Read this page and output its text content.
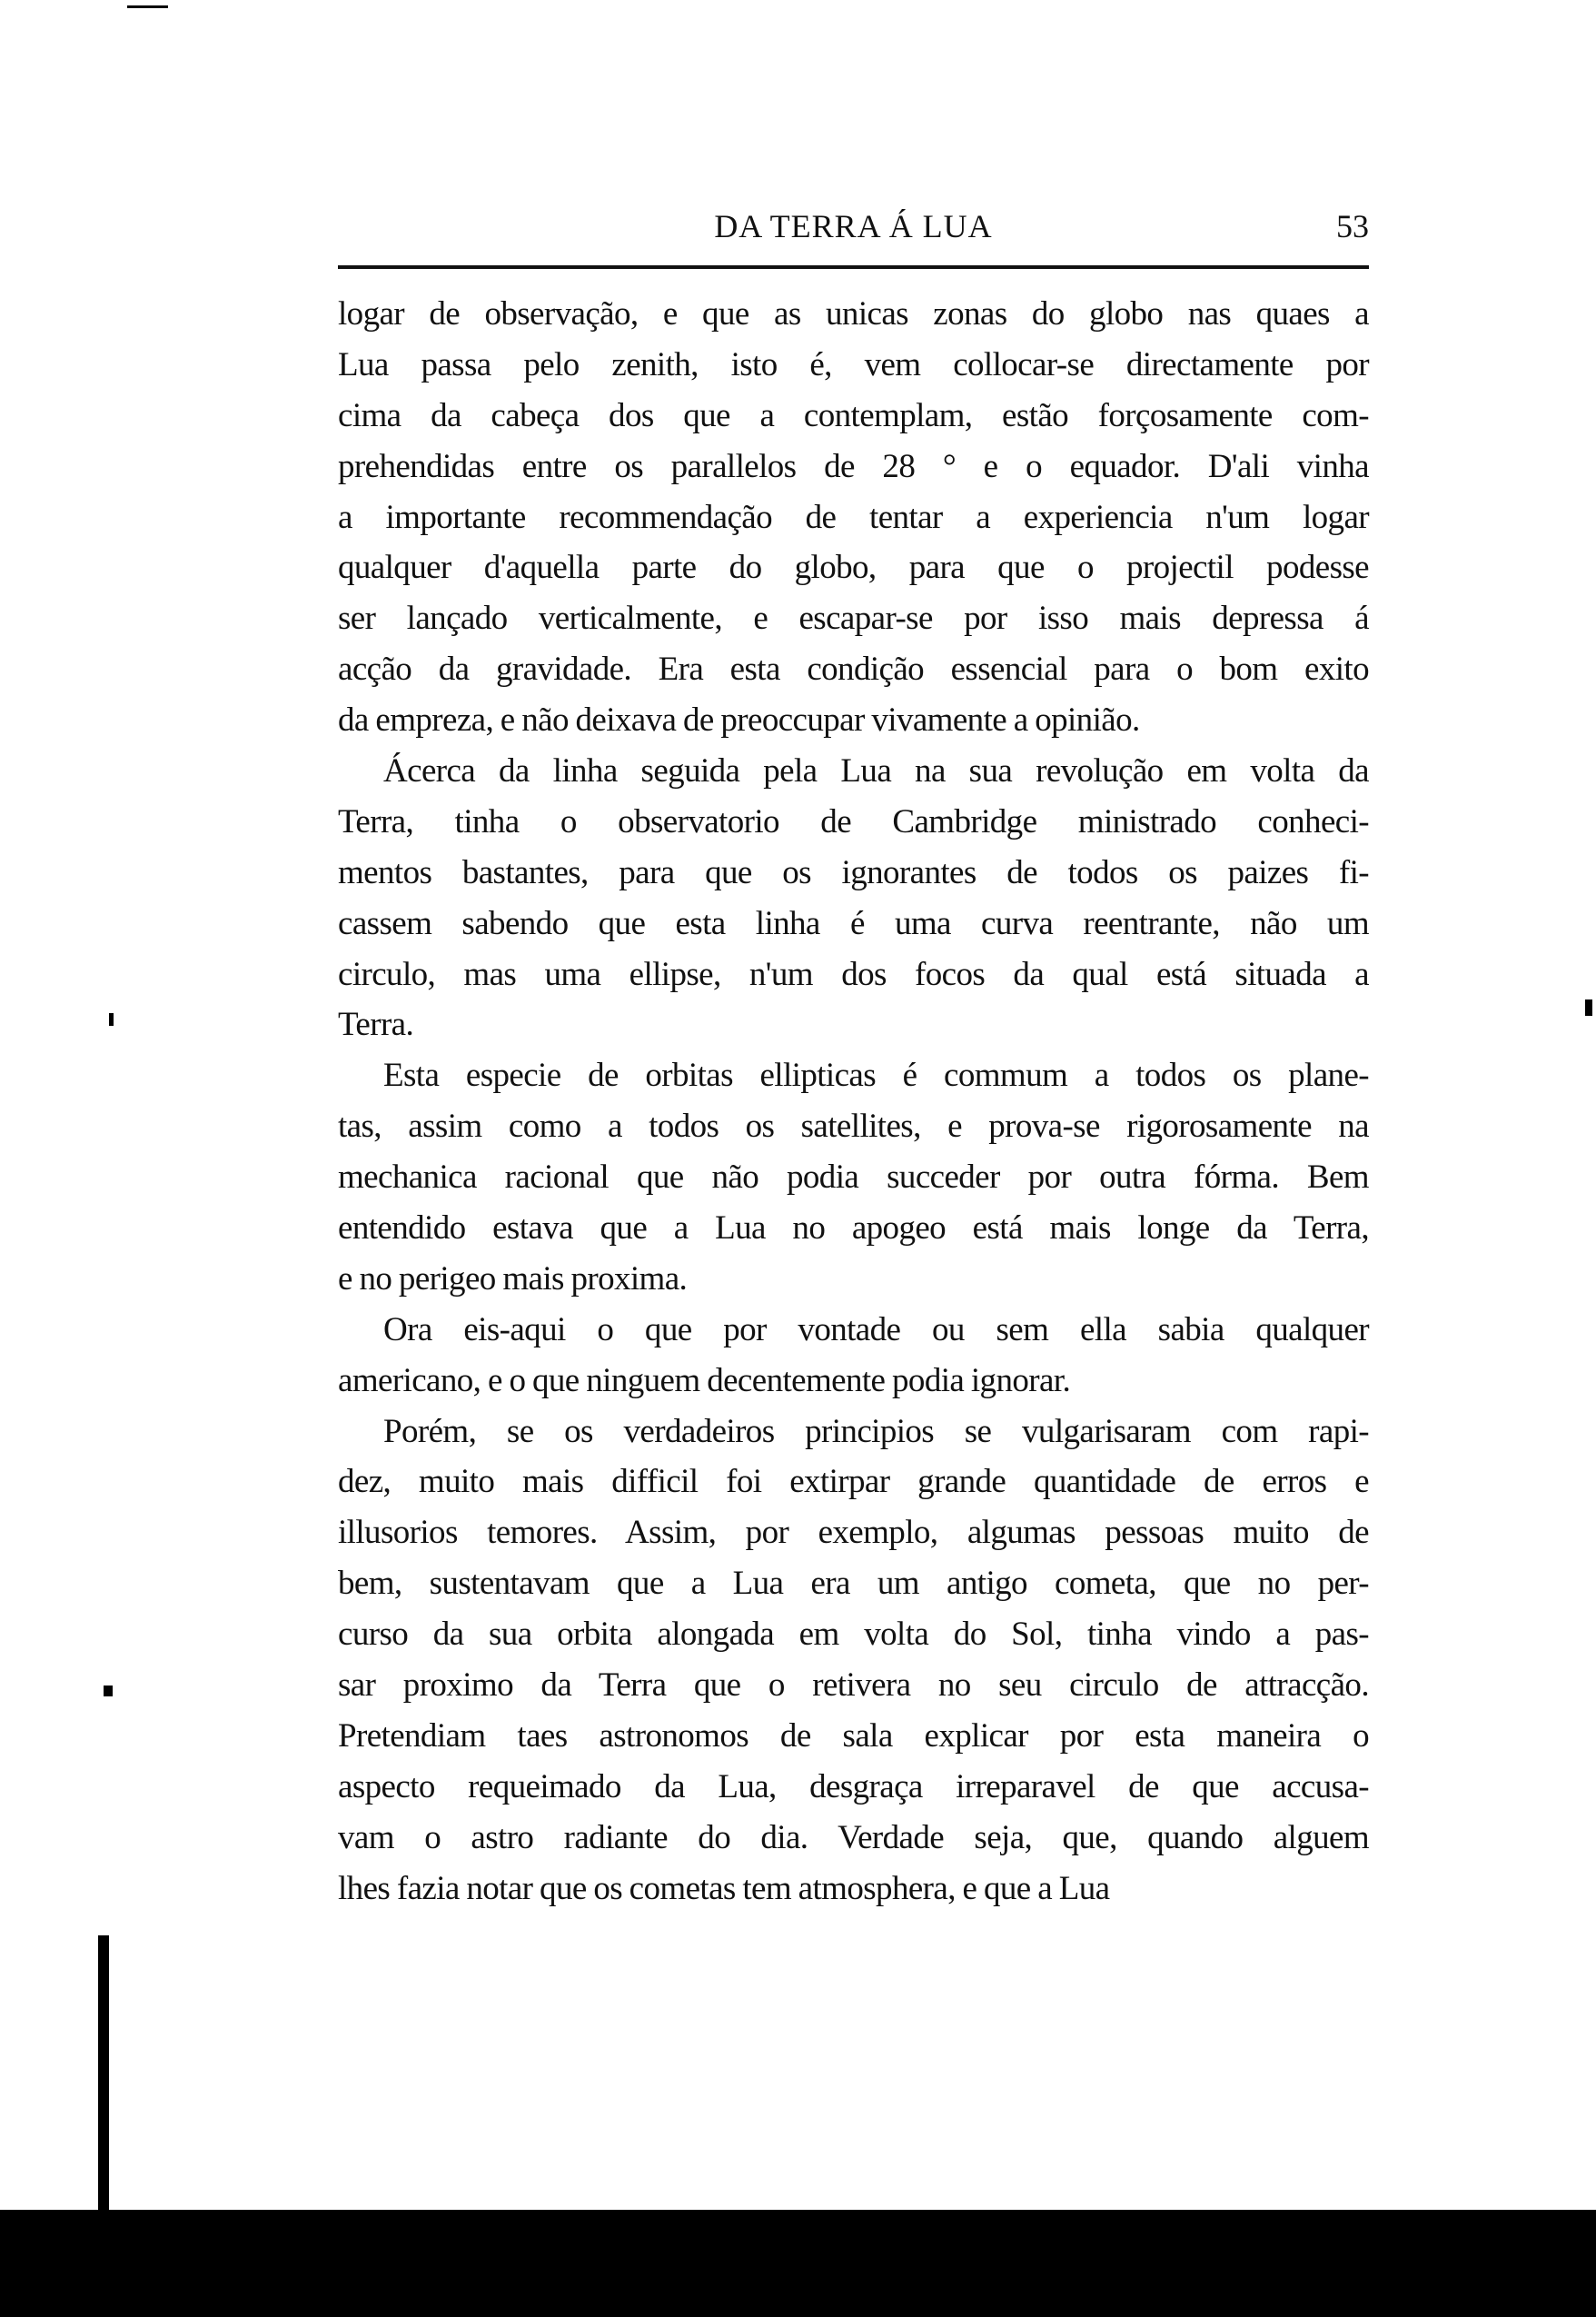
DA TERRA Á LUA	53
logar de observação, e que as unicas zonas do globo nas quaes a
Lua passa pelo zenith, isto é, vem collocar-se directamente por
cima da cabeça dos que a contemplam, estão forçosamente com-
prehendidas entre os parallelos de 28 ° e o equador. D'ali vinha
a importante recommendação de tentar a experiencia n'um logar
qualquer d'aquella parte do globo, para que o projectil podesse
ser lançado verticalmente, e escapar-se por isso mais depressa á
acção da gravidade. Era esta condição essencial para o bom exito
da empreza, e não deixava de preoccupar vivamente a opinião.
Ácerca da linha seguida pela Lua na sua revolução em volta da
Terra, tinha o observatorio de Cambridge ministrado conheci-
mentos bastantes, para que os ignorantes de todos os paizes fi-
cassem sabendo que esta linha é uma curva reentrante, não um
circulo, mas uma ellipse, n'um dos focos da qual está situada a
Terra.
Esta especie de orbitas ellipticas é commum a todos os plane-
tas, assim como a todos os satellites, e prova-se rigorosamente na
mechanica racional que não podia succeder por outra fórma. Bem
entendido estava que a Lua no apogeo está mais longe da Terra,
e no perigeo mais proxima.
Ora eis-aqui o que por vontade ou sem ella sabia qualquer
americano, e o que ninguem decentemente podia ignorar.
Porém, se os verdadeiros principios se vulgarisaram com rapi-
dez, muito mais difficil foi extirpar grande quantidade de erros e
illusorios temores. Assim, por exemplo, algumas pessoas muito de
bem, sustentavam que a Lua era um antigo cometa, que no per-
curso da sua orbita alongada em volta do Sol, tinha vindo a pas-
sar proximo da Terra que o retivera no seu circulo de attracção.
Pretendiam taes astronomos de sala explicar por esta maneira o
aspecto requeimado da Lua, desgraça irreparavel de que accusa-
vam o astro radiante do dia. Verdade seja, que, quando alguem
lhes fazia notar que os cometas tem atmosphera, e que a Lua
